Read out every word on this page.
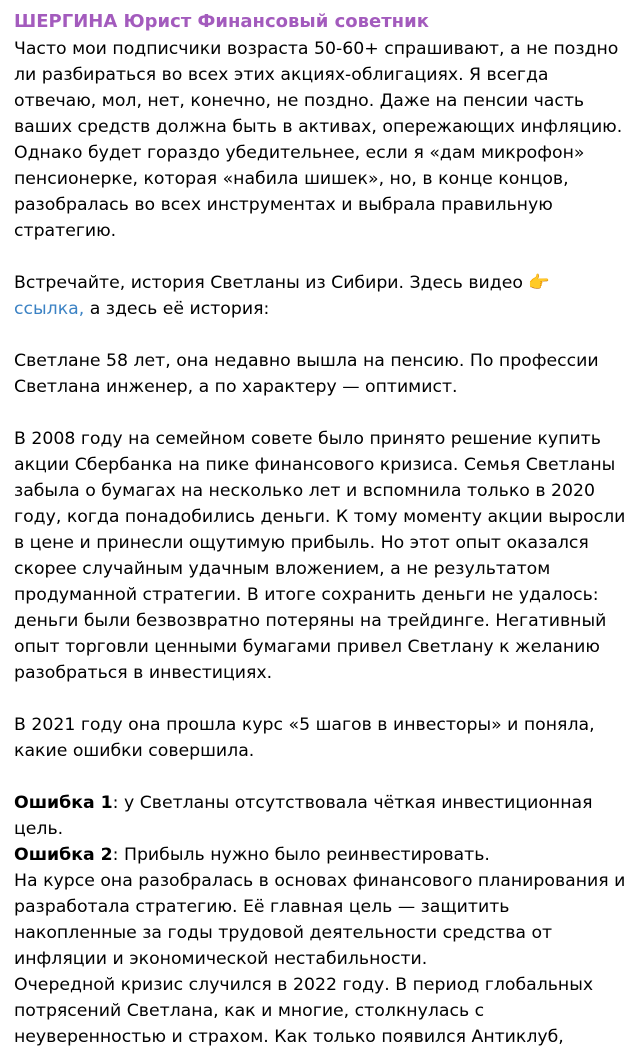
ШЕРГИНА Юрист Финансовый советник

Часто мои подписчики возраста 50-60+ спрашивают, а не поздно ли разбираться во всех этих акциях-облигациях. Я всегда отвечаю, мол, нет, конечно, не поздно. Даже на пенсии часть ваших средств должна быть в активах, опережающих инфляцию. Однако будет гораздо убедительнее, если я «дам микрофон» пенсионерке, которая «набила шишек», но, в конце концов, разобралась во всех инструментах и выбрала правильную стратегию.

Встречайте, история Светланы из Сибири. Здесь видео 👉
ссылка, а здесь её история:

Светлане 58 лет, она недавно вышла на пенсию. По профессии Светлана инженер, а по характеру — оптимист.

В 2008 году на семейном совете было принято решение купить акции Сбербанка на пике финансового кризиса. Семья Светланы забыла о бумагах на несколько лет и вспомнила только в 2020 году, когда понадобились деньги. К тому моменту акции выросли в цене и принесли ощутимую прибыль. Но этот опыт оказался скорее случайным удачным вложением, а не результатом продуманной стратегии. В итоге сохранить деньги не удалось: деньги были безвозвратно потеряны на трейдинге. Негативный опыт торговли ценными бумагами привел Светлану к желанию разобраться в инвестициях.

В 2021 году она прошла курс «5 шагов в инвесторы» и поняла, какие ошибки совершила.

Ошибка 1: у Светланы отсутствовала чёткая инвестиционная цель.
Ошибка 2: Прибыль нужно было реинвестировать.
На курсе она разобралась в основах финансового планирования и разработала стратегию. Её главная цель — защитить накопленные за годы трудовой деятельности средства от инфляции и экономической нестабильности.
Очередной кризис случился в 2022 году. В период глобальных потрясений Светлана, как и многие, столкнулась с неуверенностью и страхом. Как только появился Антиклуб,
